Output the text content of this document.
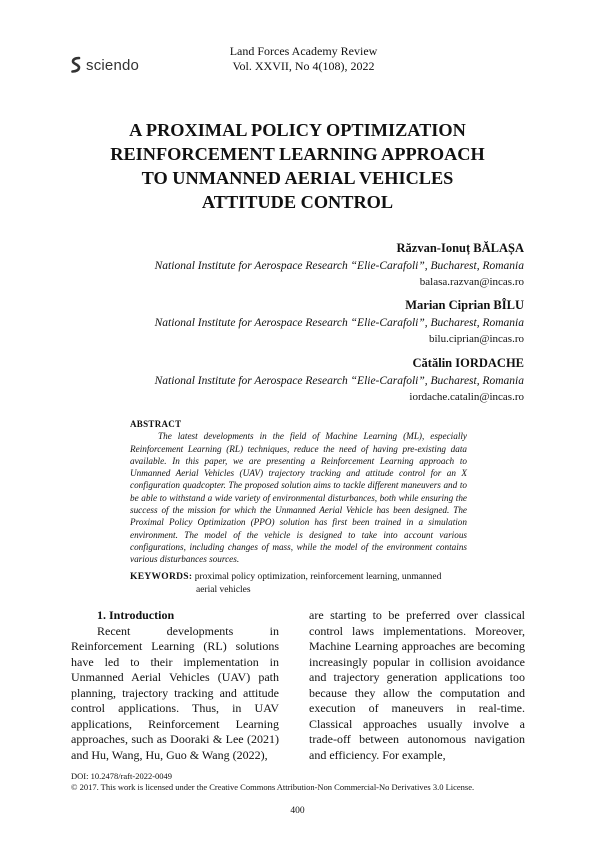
sciendo
Land Forces Academy Review
Vol. XXVII, No 4(108), 2022
A PROXIMAL POLICY OPTIMIZATION
REINFORCEMENT LEARNING APPROACH
TO UNMANNED AERIAL VEHICLES
ATTITUDE CONTROL
Răzvan-Ionuț BĂLAȘA
National Institute for Aerospace Research “Elie-Carafoli”, Bucharest, Romania
balasa.razvan@incas.ro
Marian Ciprian BÎLU
National Institute for Aerospace Research “Elie-Carafoli”, Bucharest, Romania
bilu.ciprian@incas.ro
Cătălin IORDACHE
National Institute for Aerospace Research “Elie-Carafoli”, Bucharest, Romania
iordache.catalin@incas.ro
ABSTRACT
The latest developments in the field of Machine Learning (ML), especially Reinforcement Learning (RL) techniques, reduce the need of having pre-existing data available. In this paper, we are presenting a Reinforcement Learning approach to Unmanned Aerial Vehicles (UAV) trajectory tracking and attitude control for an X configuration quadcopter. The proposed solution aims to tackle different maneuvers and to be able to withstand a wide variety of environmental disturbances, both while ensuring the success of the mission for which the Unmanned Aerial Vehicle has been designed. The Proximal Policy Optimization (PPO) solution has first been trained in a simulation environment. The model of the vehicle is designed to take into account various configurations, including changes of mass, while the model of the environment contains various disturbances sources.
KEYWORDS: proximal policy optimization, reinforcement learning, unmanned
aerial vehicles
1. Introduction
Recent developments in Reinforcement Learning (RL) solutions have led to their implementation in Unmanned Aerial Vehicles (UAV) path planning, trajectory tracking and attitude control applications. Thus, in UAV applications, Reinforcement Learning approaches, such as Dooraki & Lee (2021) and Hu, Wang, Hu, Guo & Wang (2022),
are starting to be preferred over classical control laws implementations. Moreover, Machine Learning approaches are becoming increasingly popular in collision avoidance and trajectory generation applications too because they allow the computation and execution of maneuvers in real-time. Classical approaches usually involve a trade-off between autonomous navigation and efficiency. For example,
DOI: 10.2478/raft-2022-0049
© 2017. This work is licensed under the Creative Commons Attribution-Non Commercial-No Derivatives 3.0 License.
400
